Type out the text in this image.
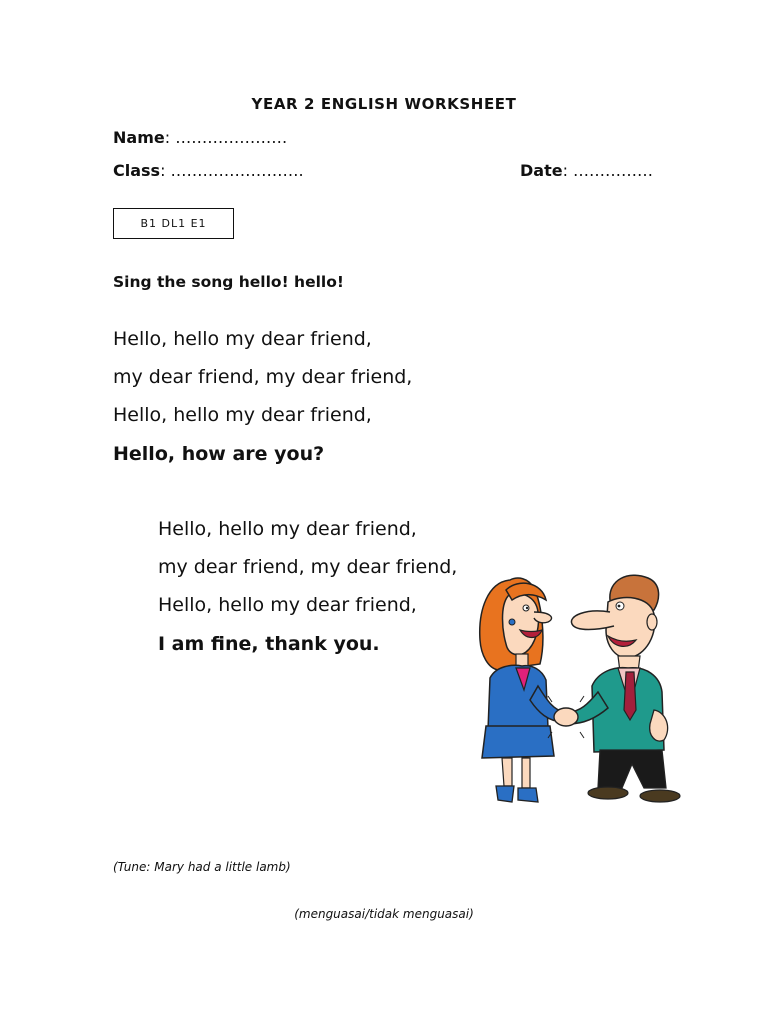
YEAR 2 ENGLISH WORKSHEET
Name: …………………
Class: …………………….	Date: ……………
B1 DL1 E1
Sing the song hello! hello!
Hello, hello my dear friend,
my dear friend, my dear friend,
Hello, hello my dear friend,
Hello, how are you?
Hello, hello my dear friend,
my dear friend, my dear friend,
Hello, hello my dear friend,
I am fine, thank you.
(Tune: Mary had a little lamb)
(menguasai/tidak menguasai)
